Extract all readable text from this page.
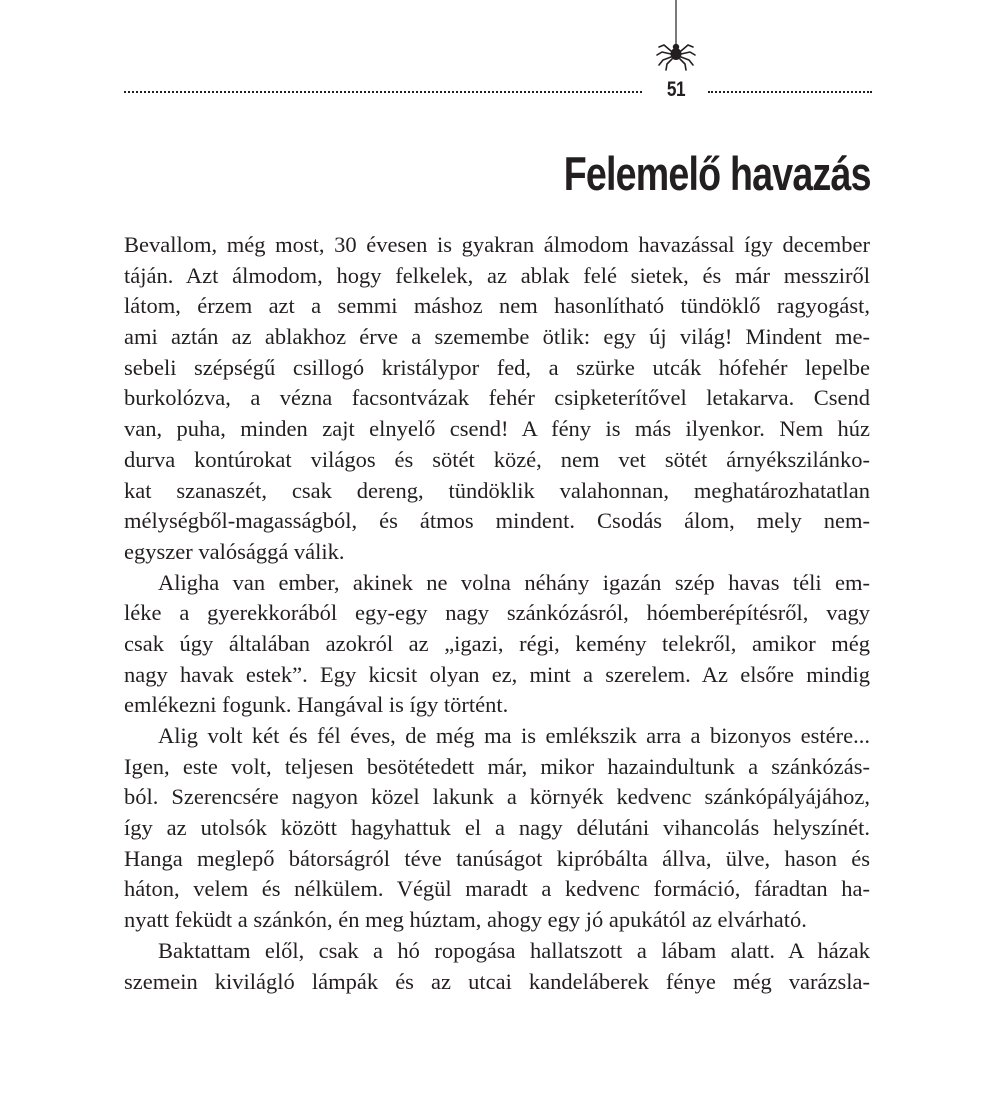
51
Felemelő havazás
Bevallom, még most, 30 évesen is gyakran álmodom havazással így december
táján. Azt álmodom, hogy felkelek, az ablak felé sietek, és már messziről
látom, érzem azt a semmi máshoz nem hasonlítható tündöklő ragyogást,
ami aztán az ablakhoz érve a szemembe ötlik: egy új világ! Mindent me-
sebeli szépségű csillogó kristálypor fed, a szürke utcák hófehér lepelbe
burkolózva, a vézna facsontvázak fehér csipketerítővel letakarva. Csend
van, puha, minden zajt elnyelő csend! A fény is más ilyenkor. Nem húz
durva kontúrokat világos és sötét közé, nem vet sötét árnyékszilánko-
kat szanaszét, csak dereng, tündöklik valahonnan, meghatározhatatlan
mélységből-magasságból, és átmos mindent. Csodás álom, mely nem-
egyszer valósággá válik.
Aligha van ember, akinek ne volna néhány igazán szép havas téli em-
léke a gyerekkorából egy-egy nagy szánkózásról, hóemberépítésről, vagy
csak úgy általában azokról az „igazi, régi, kemény telekről, amikor még
nagy havak estek”. Egy kicsit olyan ez, mint a szerelem. Az elsőre mindig
emlékezni fogunk. Hangával is így történt.
Alig volt két és fél éves, de még ma is emlékszik arra a bizonyos estére...
Igen, este volt, teljesen besötétedett már, mikor hazaindultunk a szánkózás-
ból. Szerencsére nagyon közel lakunk a környék kedvenc szánkópályájához,
így az utolsók között hagyhattuk el a nagy délutáni vihancolás helyszínét.
Hanga meglepő bátorságról téve tanúságot kipróbálta állva, ülve, hason és
háton, velem és nélkülem. Végül maradt a kedvenc formáció, fáradtan ha-
nyatt feküdt a szánkón, én meg húztam, ahogy egy jó apukától az elvárható.
Baktattam elől, csak a hó ropogása hallatszott a lábam alatt. A házak
szemein kivilágló lámpák és az utcai kandeláberek fénye még varázsla-
